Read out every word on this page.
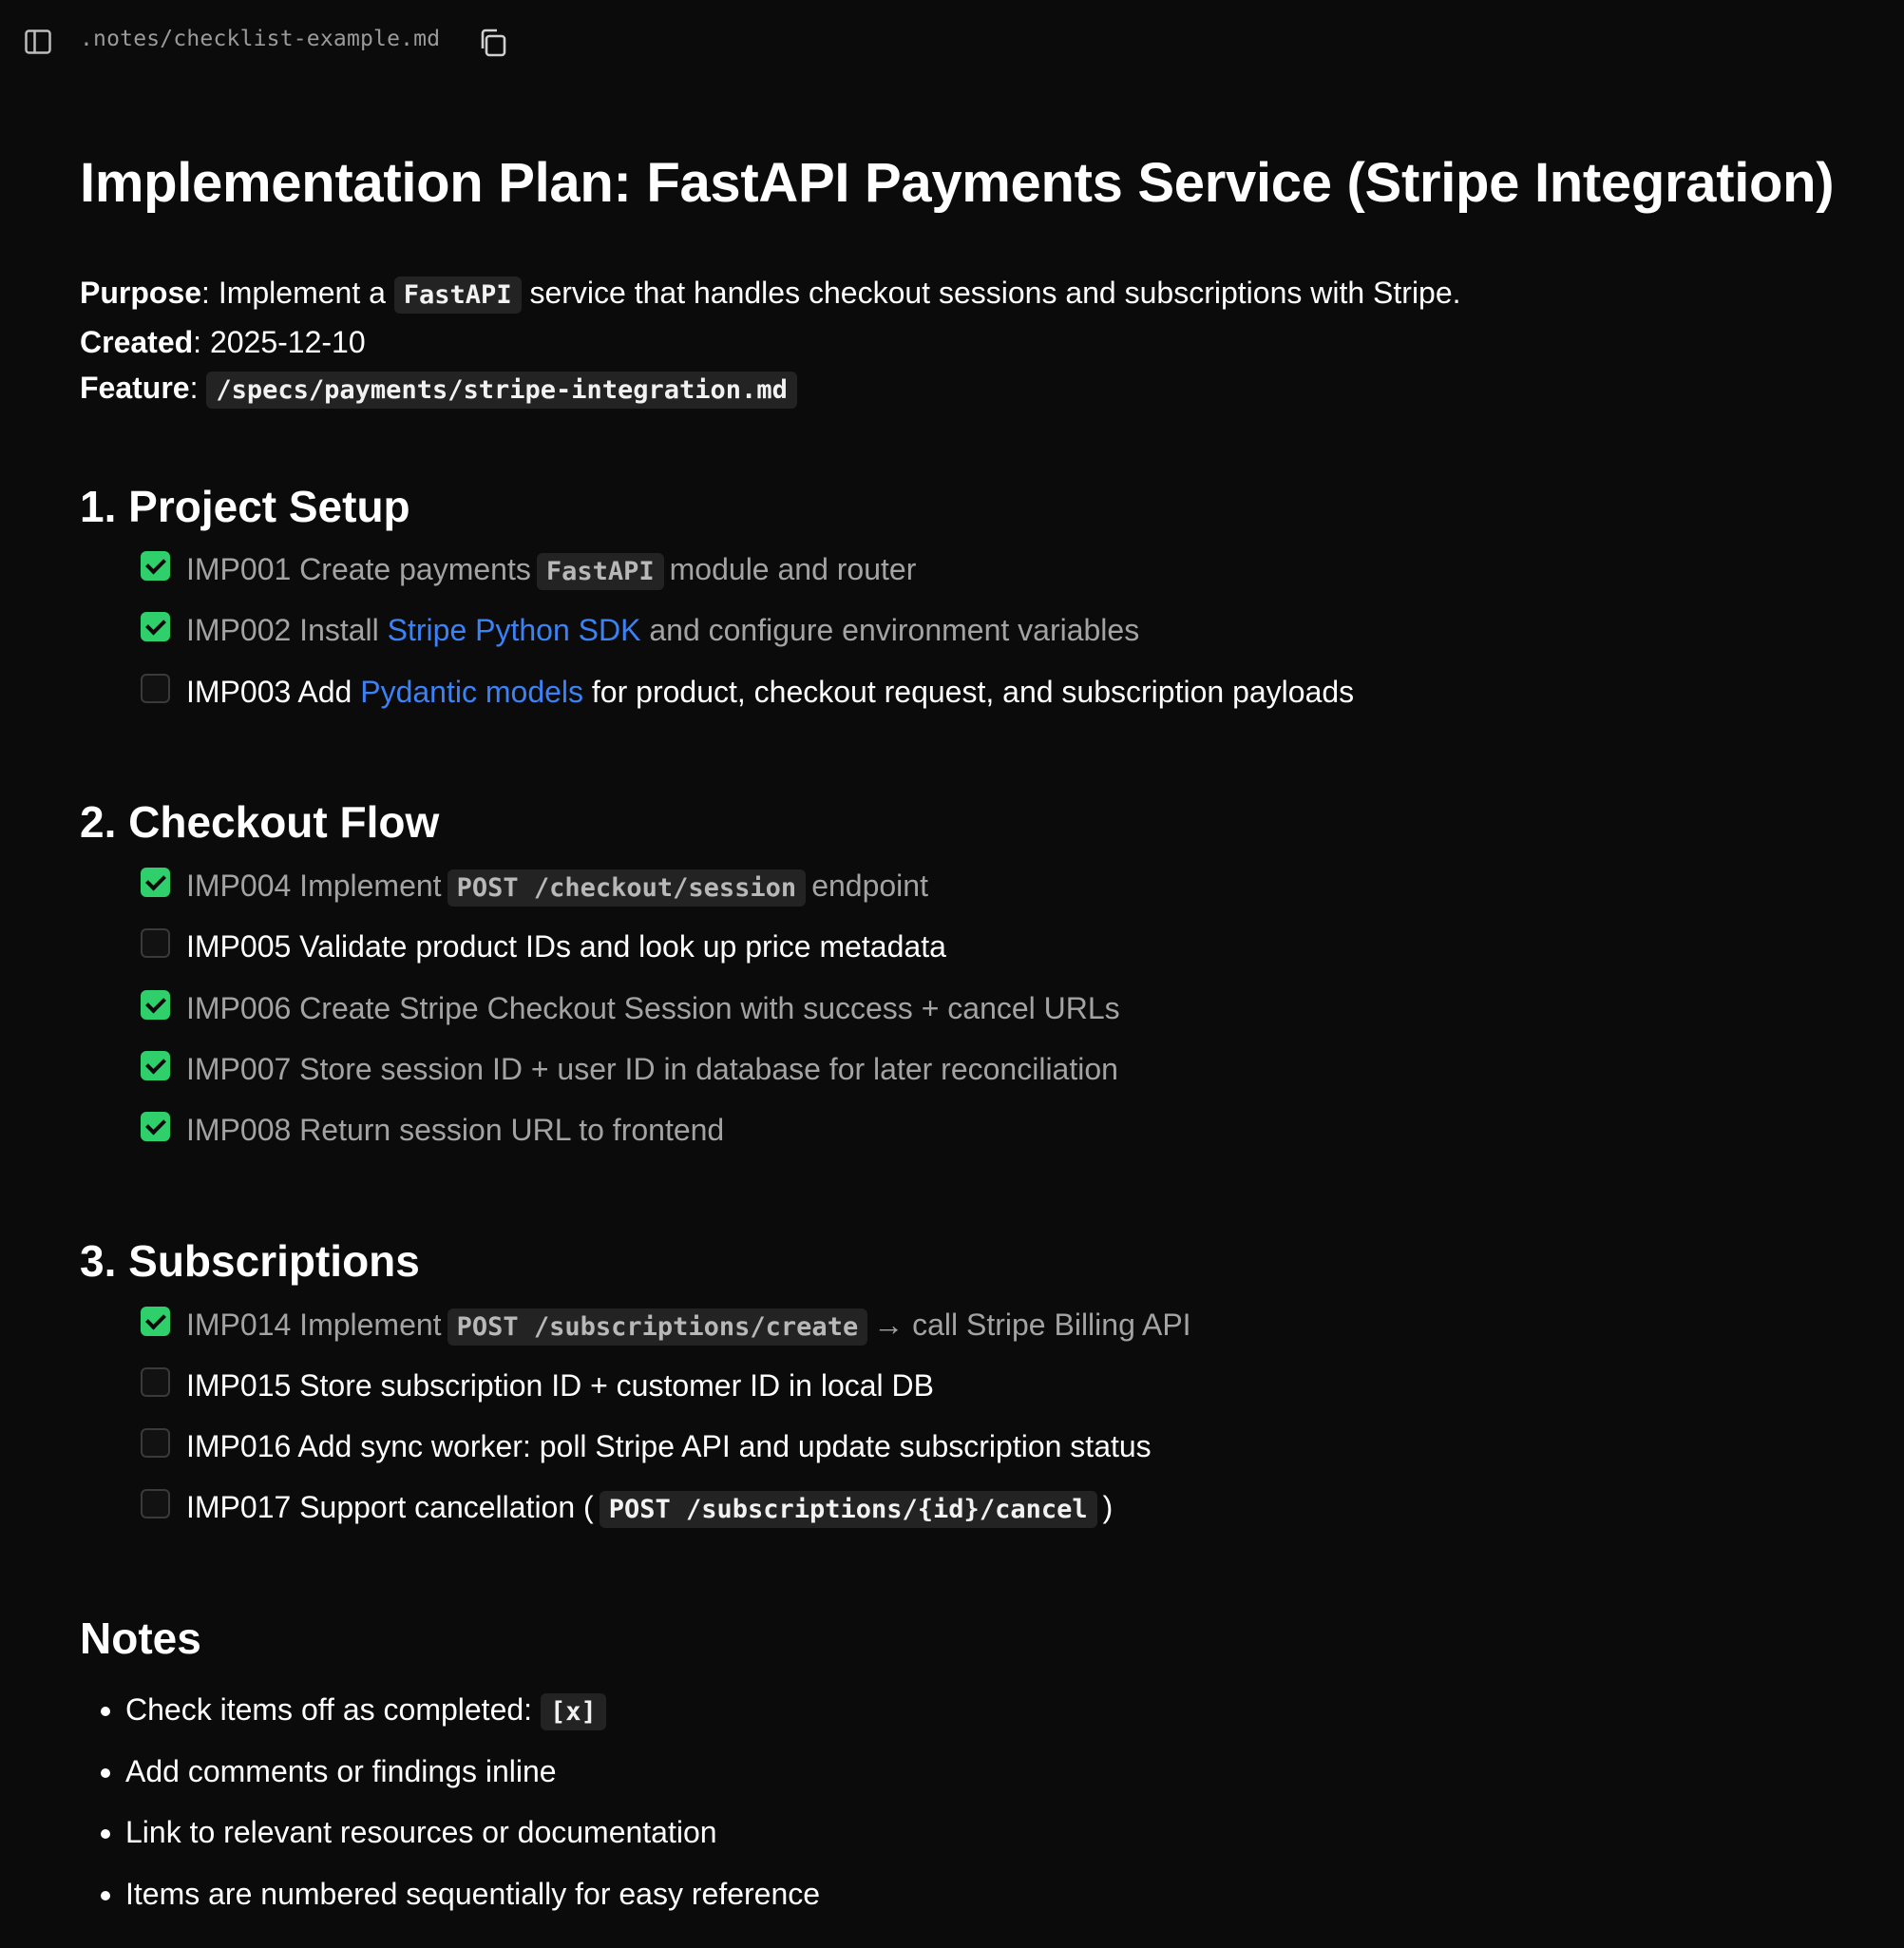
.notes/checklist-example.md
Implementation Plan: FastAPI Payments Service (Stripe Integration)
Purpose: Implement a FastAPI service that handles checkout sessions and subscriptions with Stripe.
Created: 2025-12-10
Feature: /specs/payments/stripe-integration.md
1. Project Setup
IMP001 Create payments FastAPI module and router
IMP002 Install Stripe Python SDK and configure environment variables
IMP003 Add Pydantic models for product, checkout request, and subscription payloads
2. Checkout Flow
IMP004 Implement POST /checkout/session endpoint
IMP005 Validate product IDs and look up price metadata
IMP006 Create Stripe Checkout Session with success + cancel URLs
IMP007 Store session ID + user ID in database for later reconciliation
IMP008 Return session URL to frontend
3. Subscriptions
IMP014 Implement POST /subscriptions/create → call Stripe Billing API
IMP015 Store subscription ID + customer ID in local DB
IMP016 Add sync worker: poll Stripe API and update subscription status
IMP017 Support cancellation ( POST /subscriptions/{id}/cancel )
Notes
• Check items off as completed: [x]
• Add comments or findings inline
• Link to relevant resources or documentation
• Items are numbered sequentially for easy reference
